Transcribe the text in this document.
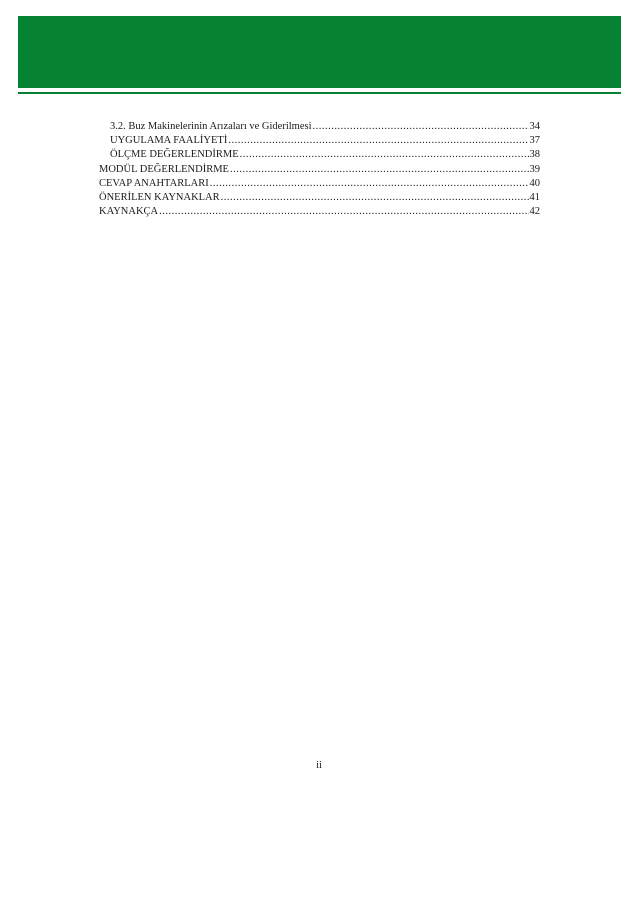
3.2. Buz Makinelerinin Arızaları ve Giderilmesi .....	34
UYGULAMA FAALİYETİ .....	37
ÖLÇME DEĞERLENDİRME .....	38
MODÜL DEĞERLENDİRME .....	39
CEVAP ANAHTARLARI .....	40
ÖNERİLEN KAYNAKLAR .....	41
KAYNAKÇA .....	42
ii
